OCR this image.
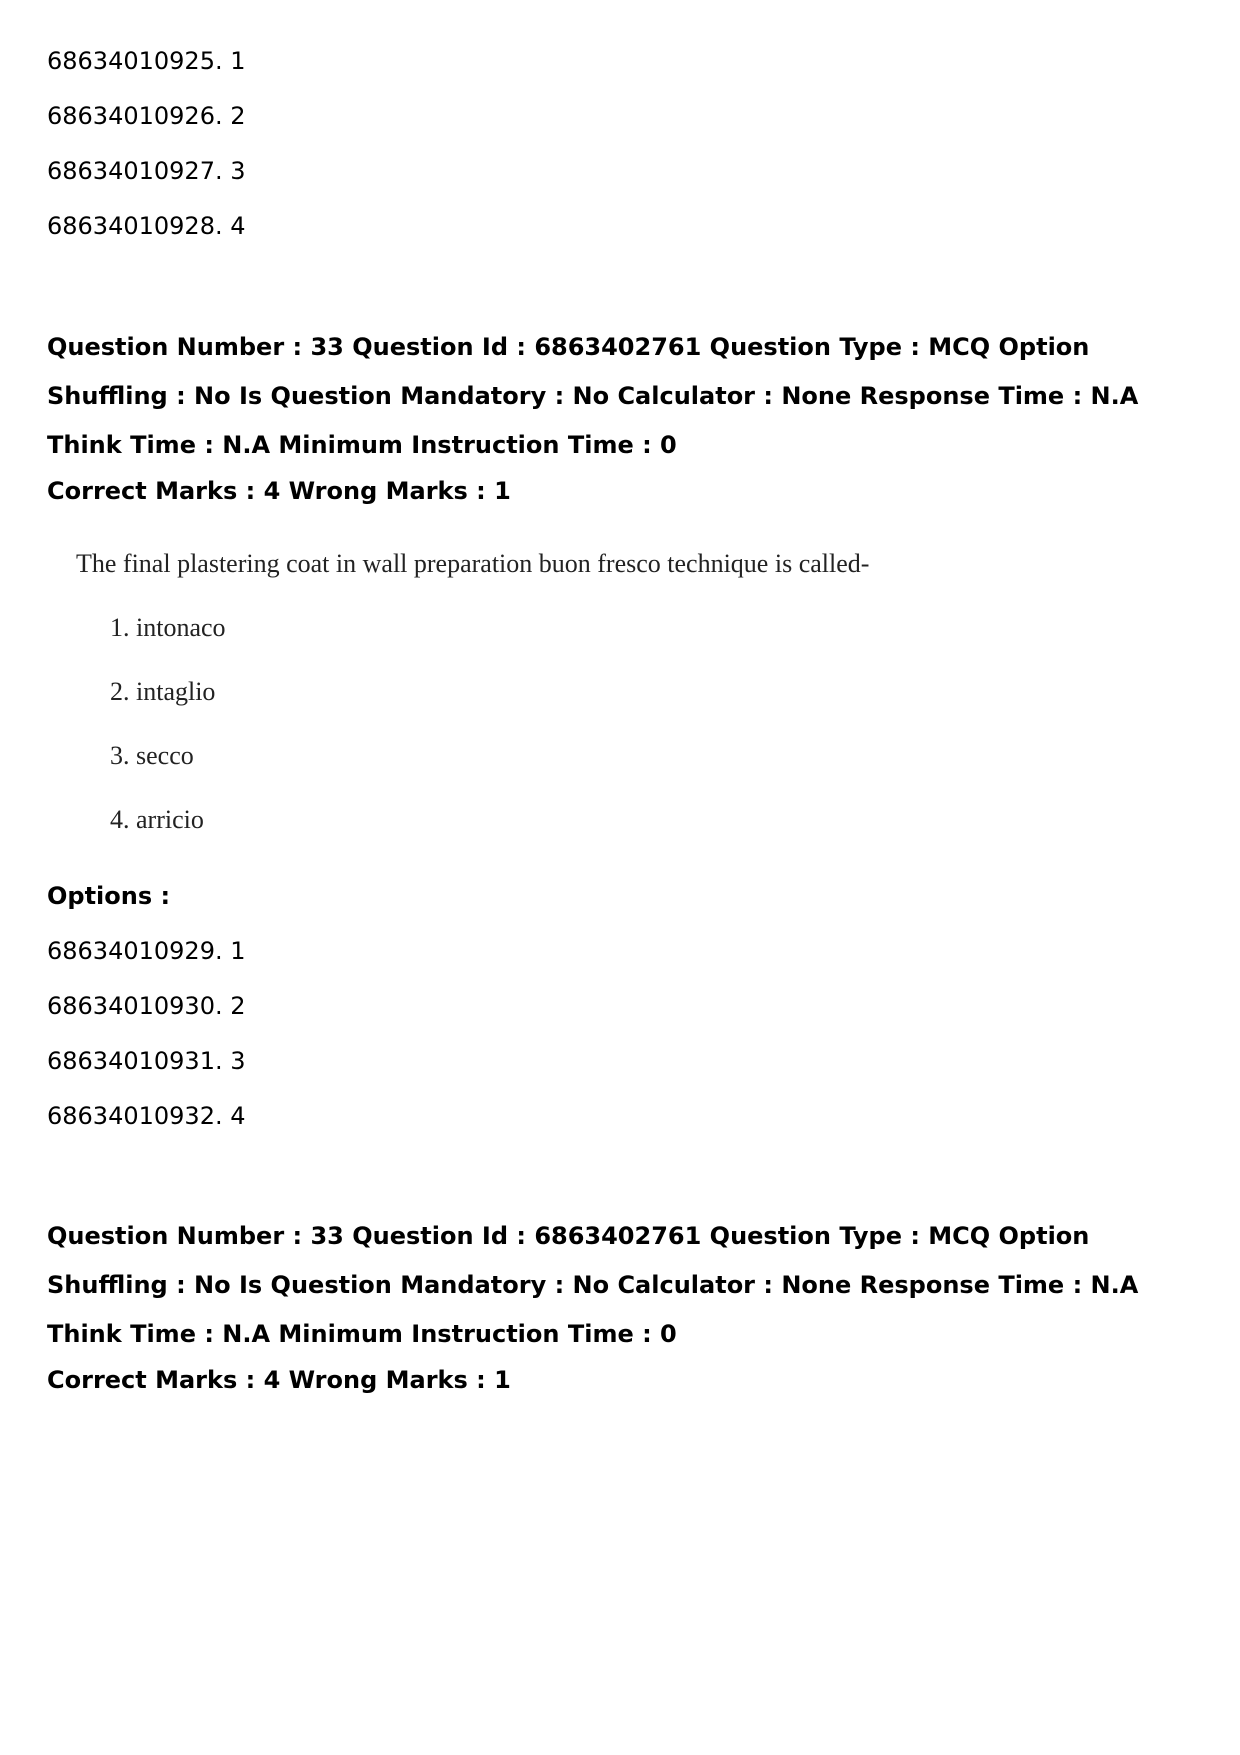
68634010925. 1

68634010926. 2

68634010927. 3

68634010928. 4

Question Number : 33 Question Id : 6863402761 Question Type : MCQ Option Shuffling : No Is Question Mandatory : No Calculator : None Response Time : N.A Think Time : N.A Minimum Instruction Time : 0

Correct Marks : 4 Wrong Marks : 1

The final plastering coat in wall preparation buon fresco technique is called-
1. intonaco
2. intaglio
3. secco
4. arricio

Options :

68634010929. 1

68634010930. 2

68634010931. 3

68634010932. 4

Question Number : 33 Question Id : 6863402761 Question Type : MCQ Option Shuffling : No Is Question Mandatory : No Calculator : None Response Time : N.A Think Time : N.A Minimum Instruction Time : 0

Correct Marks : 4 Wrong Marks : 1
